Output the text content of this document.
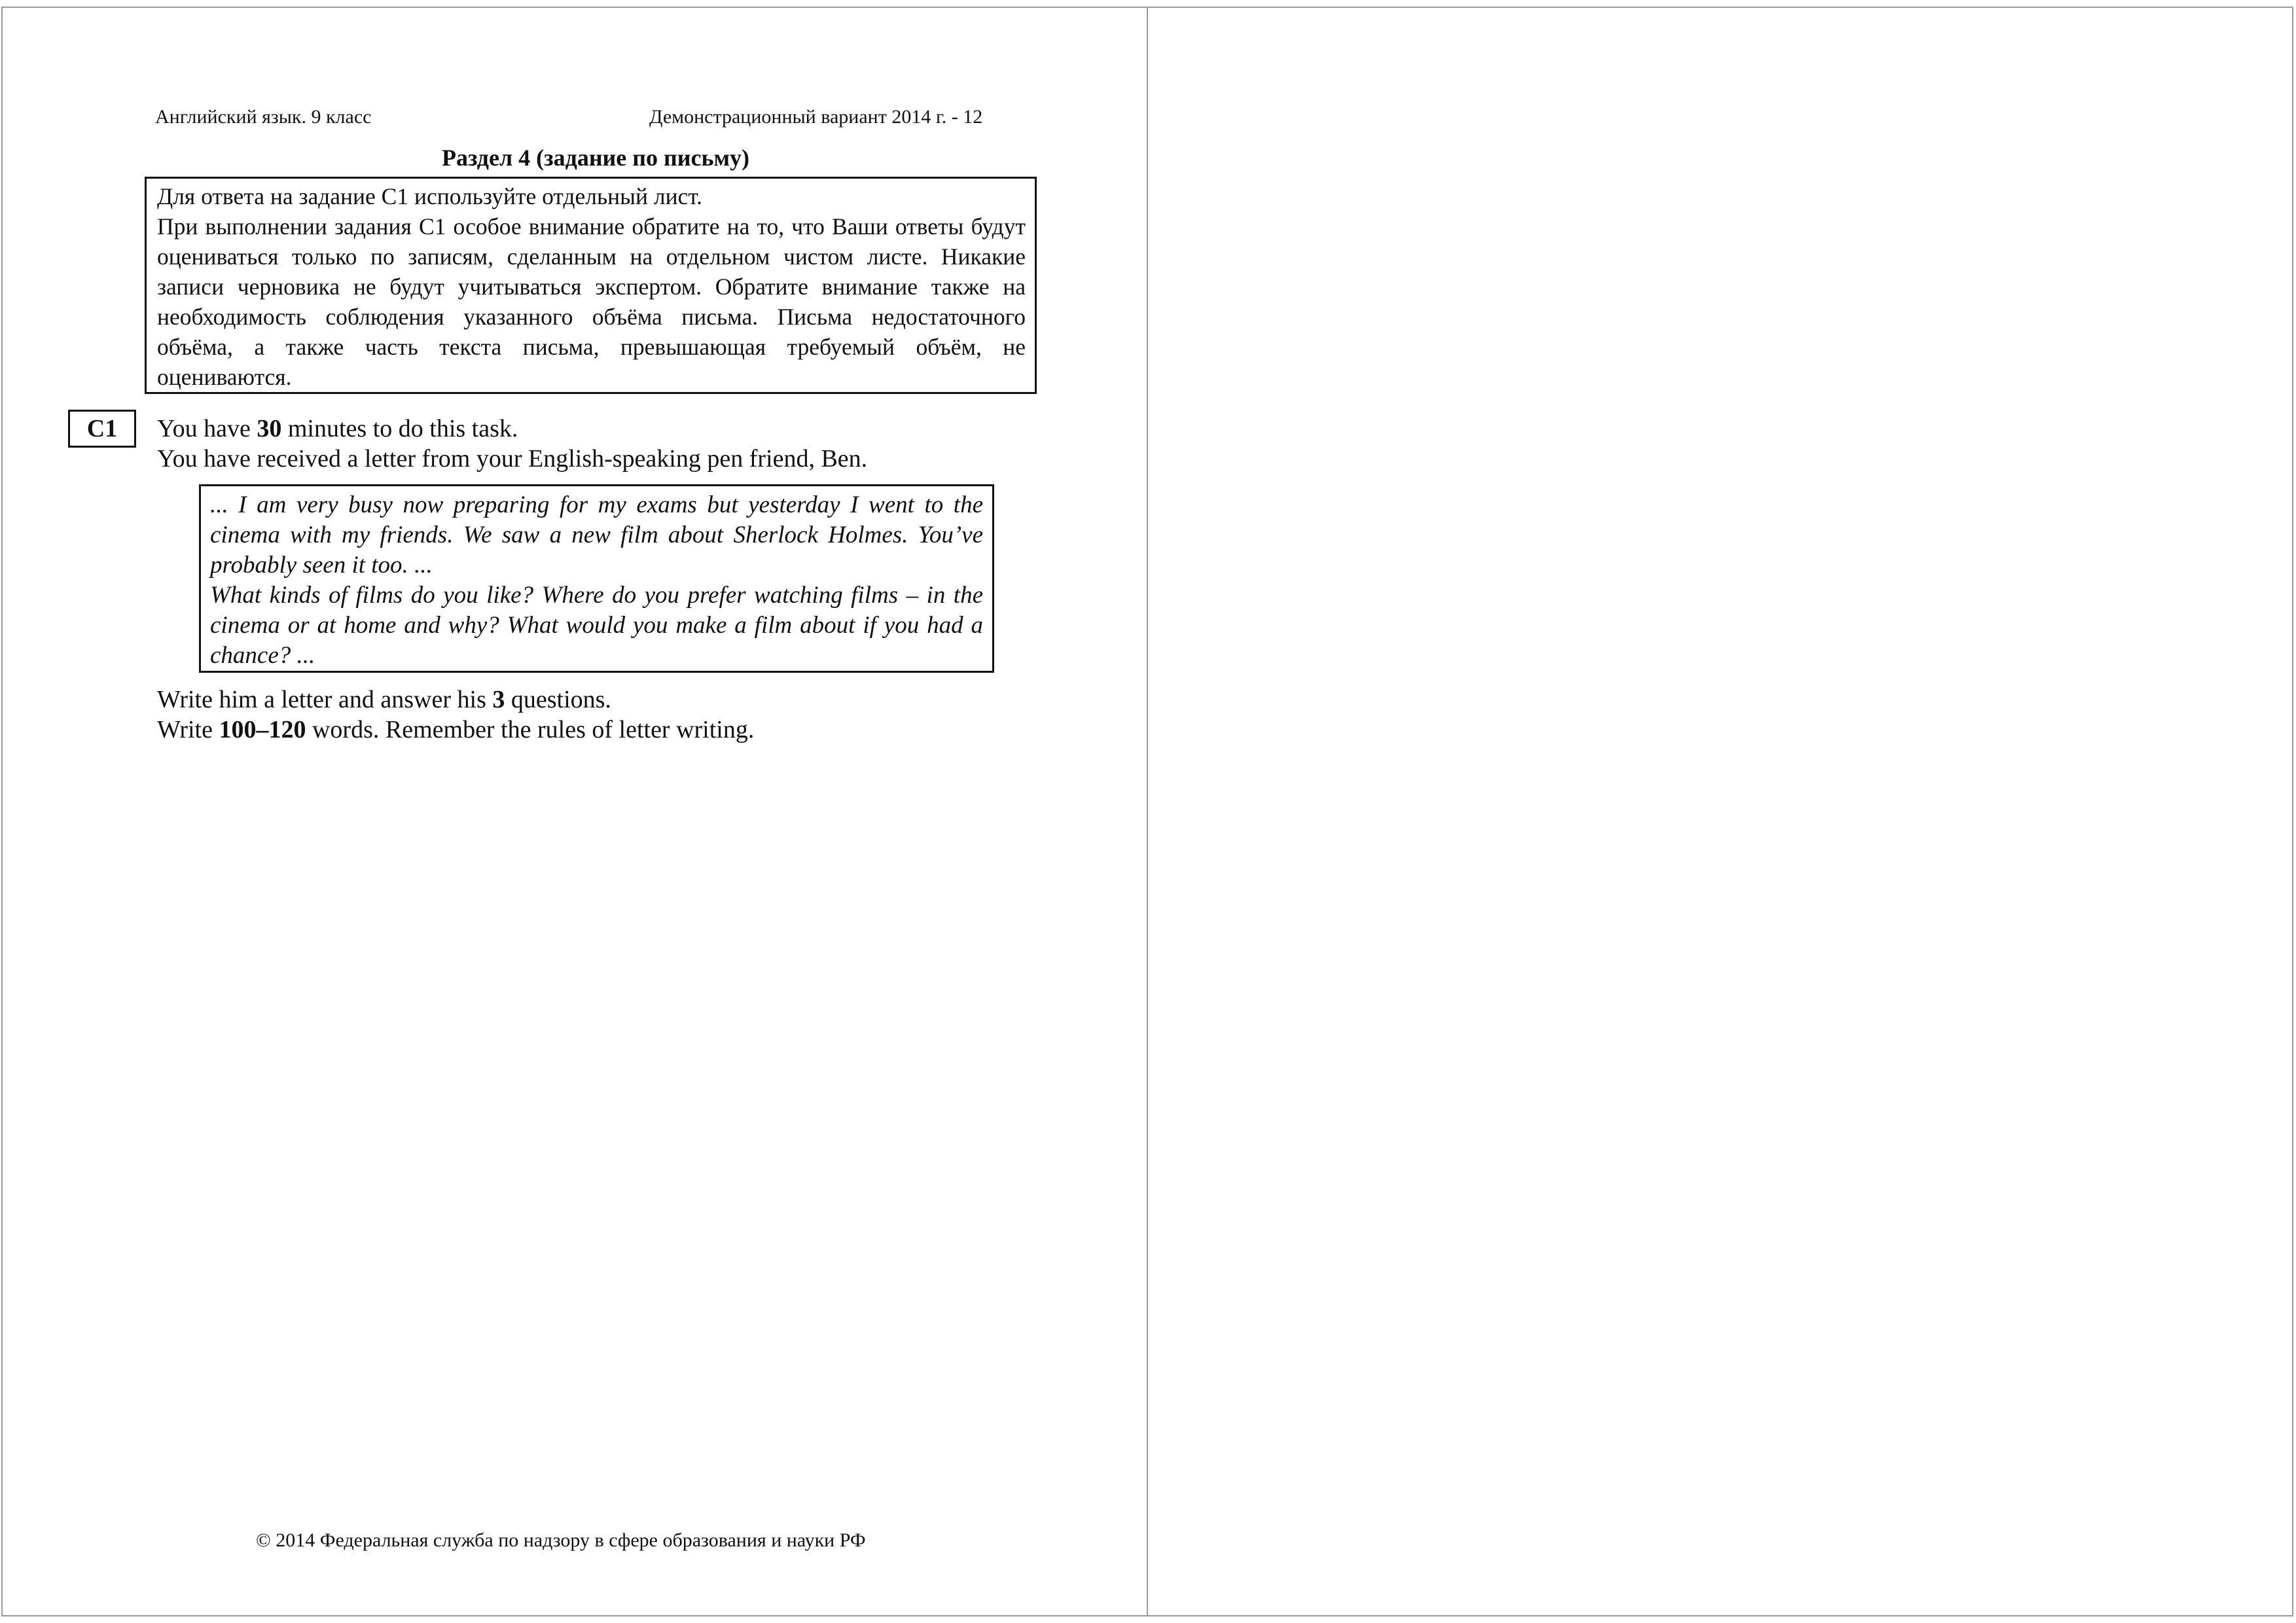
Английский язык. 9 класс	Демонстрационный вариант 2014 г. - 12
Раздел 4 (задание по письму)

Для ответа на задание С1 используйте отдельный лист.

При выполнении задания С1 особое внимание обратите на то, что Ваши ответы будут оцениваться только по записям, сделанным на отдельном чистом листе. Никакие записи черновика не будут учитываться экспертом. Обратите внимание также на необходимость соблюдения указанного объёма письма. Письма недостаточного объёма, а также часть текста письма, превышающая требуемый объём, не оцениваются.

C1	You have 30 minutes to do this task.
You have received a letter from your English-speaking pen friend, Ben.

... I am very busy now preparing for my exams but yesterday I went to the cinema with my friends. We saw a new film about Sherlock Holmes. You’ve probably seen it too. ...

What kinds of films do you like? Where do you prefer watching films – in the cinema or at home and why? What would you make a film about if you had a chance? ...

Write him a letter and answer his 3 questions.
Write 100–120 words. Remember the rules of letter writing.
© 2014 Федеральная служба по надзору в сфере образования и науки РФ
